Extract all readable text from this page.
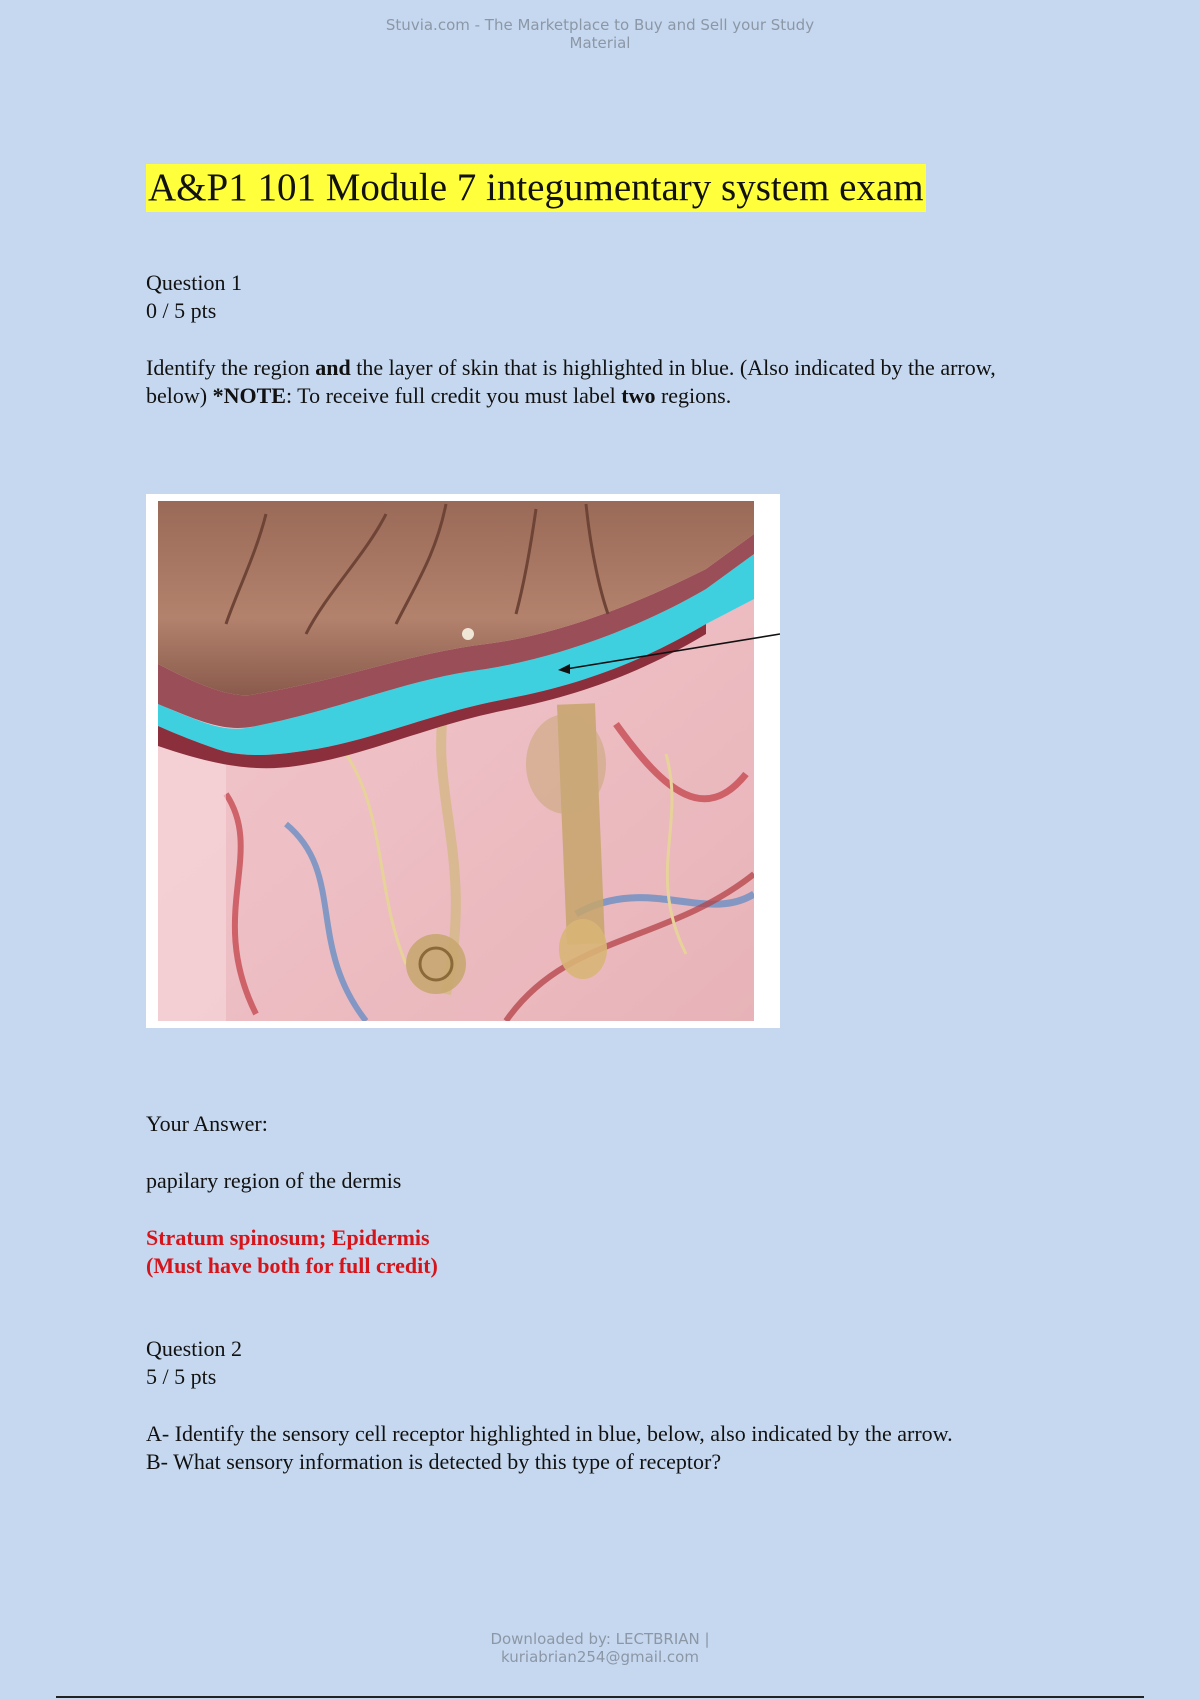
Stuvia.com - The Marketplace to Buy and Sell your Study
Material
A&P1 101 Module 7 integumentary system exam
Question 1
0 / 5 pts
Identify the region and the layer of skin that is highlighted in blue. (Also indicated by the arrow,
below) *NOTE: To receive full credit you must label two regions.
Your Answer:
papilary region of the dermis
Stratum spinosum; Epidermis
(Must have both for full credit)
Question 2
5 / 5 pts
A- Identify the sensory cell receptor highlighted in blue, below, also indicated by the arrow.
B- What sensory information is detected by this type of receptor?
Downloaded by: LECTBRIAN |
kuriabrian254@gmail.com
